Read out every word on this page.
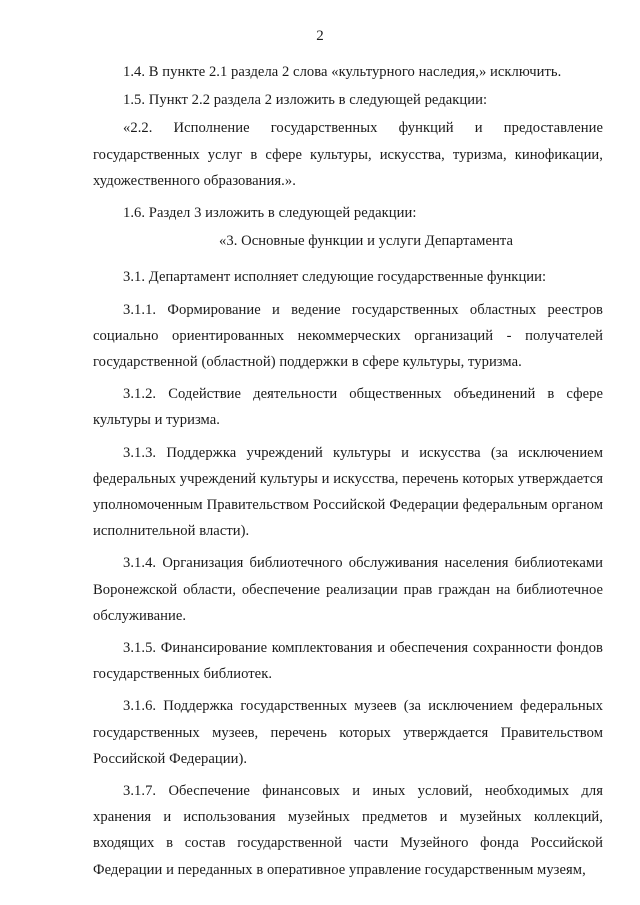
2

1.4. В пункте 2.1 раздела 2 слова «культурного наследия,» исключить.

1.5. Пункт 2.2 раздела 2 изложить в следующей редакции:

«2.2. Исполнение государственных функций и предоставление государственных услуг в сфере культуры, искусства, туризма, кинофикации, художественного образования.».

1.6. Раздел 3 изложить в следующей редакции:

«3. Основные функции и услуги Департамента

3.1. Департамент исполняет следующие государственные функции:

3.1.1. Формирование и ведение государственных областных реестров социально ориентированных некоммерческих организаций - получателей государственной (областной) поддержки в сфере культуры, туризма.

3.1.2. Содействие деятельности общественных объединений в сфере культуры и туризма.

3.1.3. Поддержка учреждений культуры и искусства (за исключением федеральных учреждений культуры и искусства, перечень которых утверждается уполномоченным Правительством Российской Федерации федеральным органом исполнительной власти).

3.1.4. Организация библиотечного обслуживания населения библиотеками Воронежской области, обеспечение реализации прав граждан на библиотечное обслуживание.

3.1.5. Финансирование комплектования и обеспечения сохранности фондов государственных библиотек.

3.1.6. Поддержка государственных музеев (за исключением федеральных государственных музеев, перечень которых утверждается Правительством Российской Федерации).

3.1.7. Обеспечение финансовых и иных условий, необходимых для хранения и использования музейных предметов и музейных коллекций, входящих в состав государственной части Музейного фонда Российской Федерации и переданных в оперативное управление государственным музеям,
